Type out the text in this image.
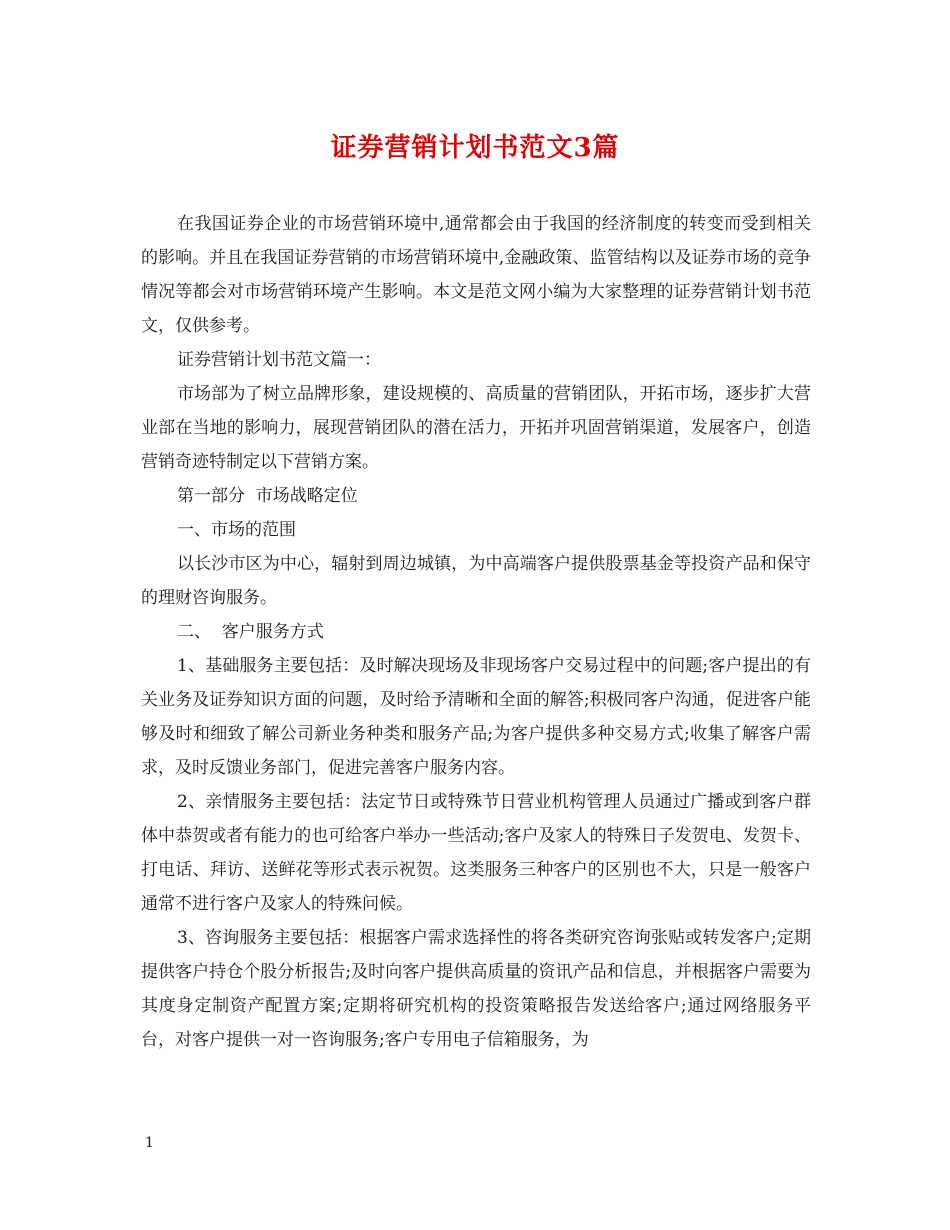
证券营销计划书范文3篇

在我国证券企业的市场营销环境中,通常都会由于我国的经济制度的转变而受到相关的影响。并且在我国证券营销的市场营销环境中,金融政策、监管结构以及证券市场的竞争情况等都会对市场营销环境产生影响。本文是范文网小编为大家整理的证券营销计划书范文，仅供参考。

证券营销计划书范文篇一：

市场部为了树立品牌形象，建设规模的、高质量的营销团队，开拓市场，逐步扩大营业部在当地的影响力，展现营销团队的潜在活力，开拓并巩固营销渠道，发展客户，创造营销奇迹特制定以下营销方案。

第一部分  市场战略定位

一、市场的范围

以长沙市区为中心，辐射到周边城镇，为中高端客户提供股票基金等投资产品和保守的理财咨询服务。

二、  客户服务方式

1、基础服务主要包括：及时解决现场及非现场客户交易过程中的问题;客户提出的有关业务及证券知识方面的问题，及时给予清晰和全面的解答;积极同客户沟通，促进客户能够及时和细致了解公司新业务种类和服务产品;为客户提供多种交易方式;收集了解客户需求，及时反馈业务部门，促进完善客户服务内容。

2、亲情服务主要包括：法定节日或特殊节日营业机构管理人员通过广播或到客户群体中恭贺或者有能力的也可给客户举办一些活动;客户及家人的特殊日子发贺电、发贺卡、打电话、拜访、送鲜花等形式表示祝贺。这类服务三种客户的区别也不大，只是一般客户通常不进行客户及家人的特殊问候。

3、咨询服务主要包括：根据客户需求选择性的将各类研究咨询张贴或转发客户;定期提供客户持仓个股分析报告;及时向客户提供高质量的资讯产品和信息，并根据客户需要为其度身定制资产配置方案;定期将研究机构的投资策略报告发送给客户;通过网络服务平台，对客户提供一对一咨询服务;客户专用电子信箱服务，为

1
